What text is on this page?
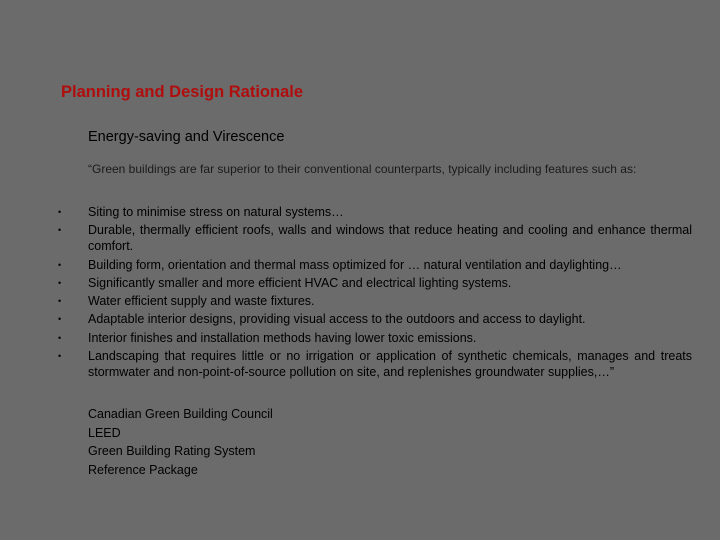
Planning and Design Rationale
Energy-saving and Virescence
“Green buildings are far superior to their conventional counterparts, typically including features such as:
•	Siting to minimise stress on natural systems…
•	Durable, thermally efficient roofs, walls and windows that reduce heating and cooling and enhance thermal comfort.
•	Building form, orientation and thermal mass optimized for … natural ventilation and daylighting…
•	Significantly smaller and more efficient HVAC and electrical lighting systems.
•	Water efficient supply and waste fixtures.
•	Adaptable interior designs, providing visual access to the outdoors and access to daylight.
•	Interior finishes and installation methods having lower toxic emissions.
•	Landscaping that requires little or no irrigation or application of synthetic chemicals, manages and treats stormwater and non-point-of-source pollution on site, and replenishes groundwater supplies,…”
Canadian Green Building Council
LEED
Green Building Rating System
Reference Package
